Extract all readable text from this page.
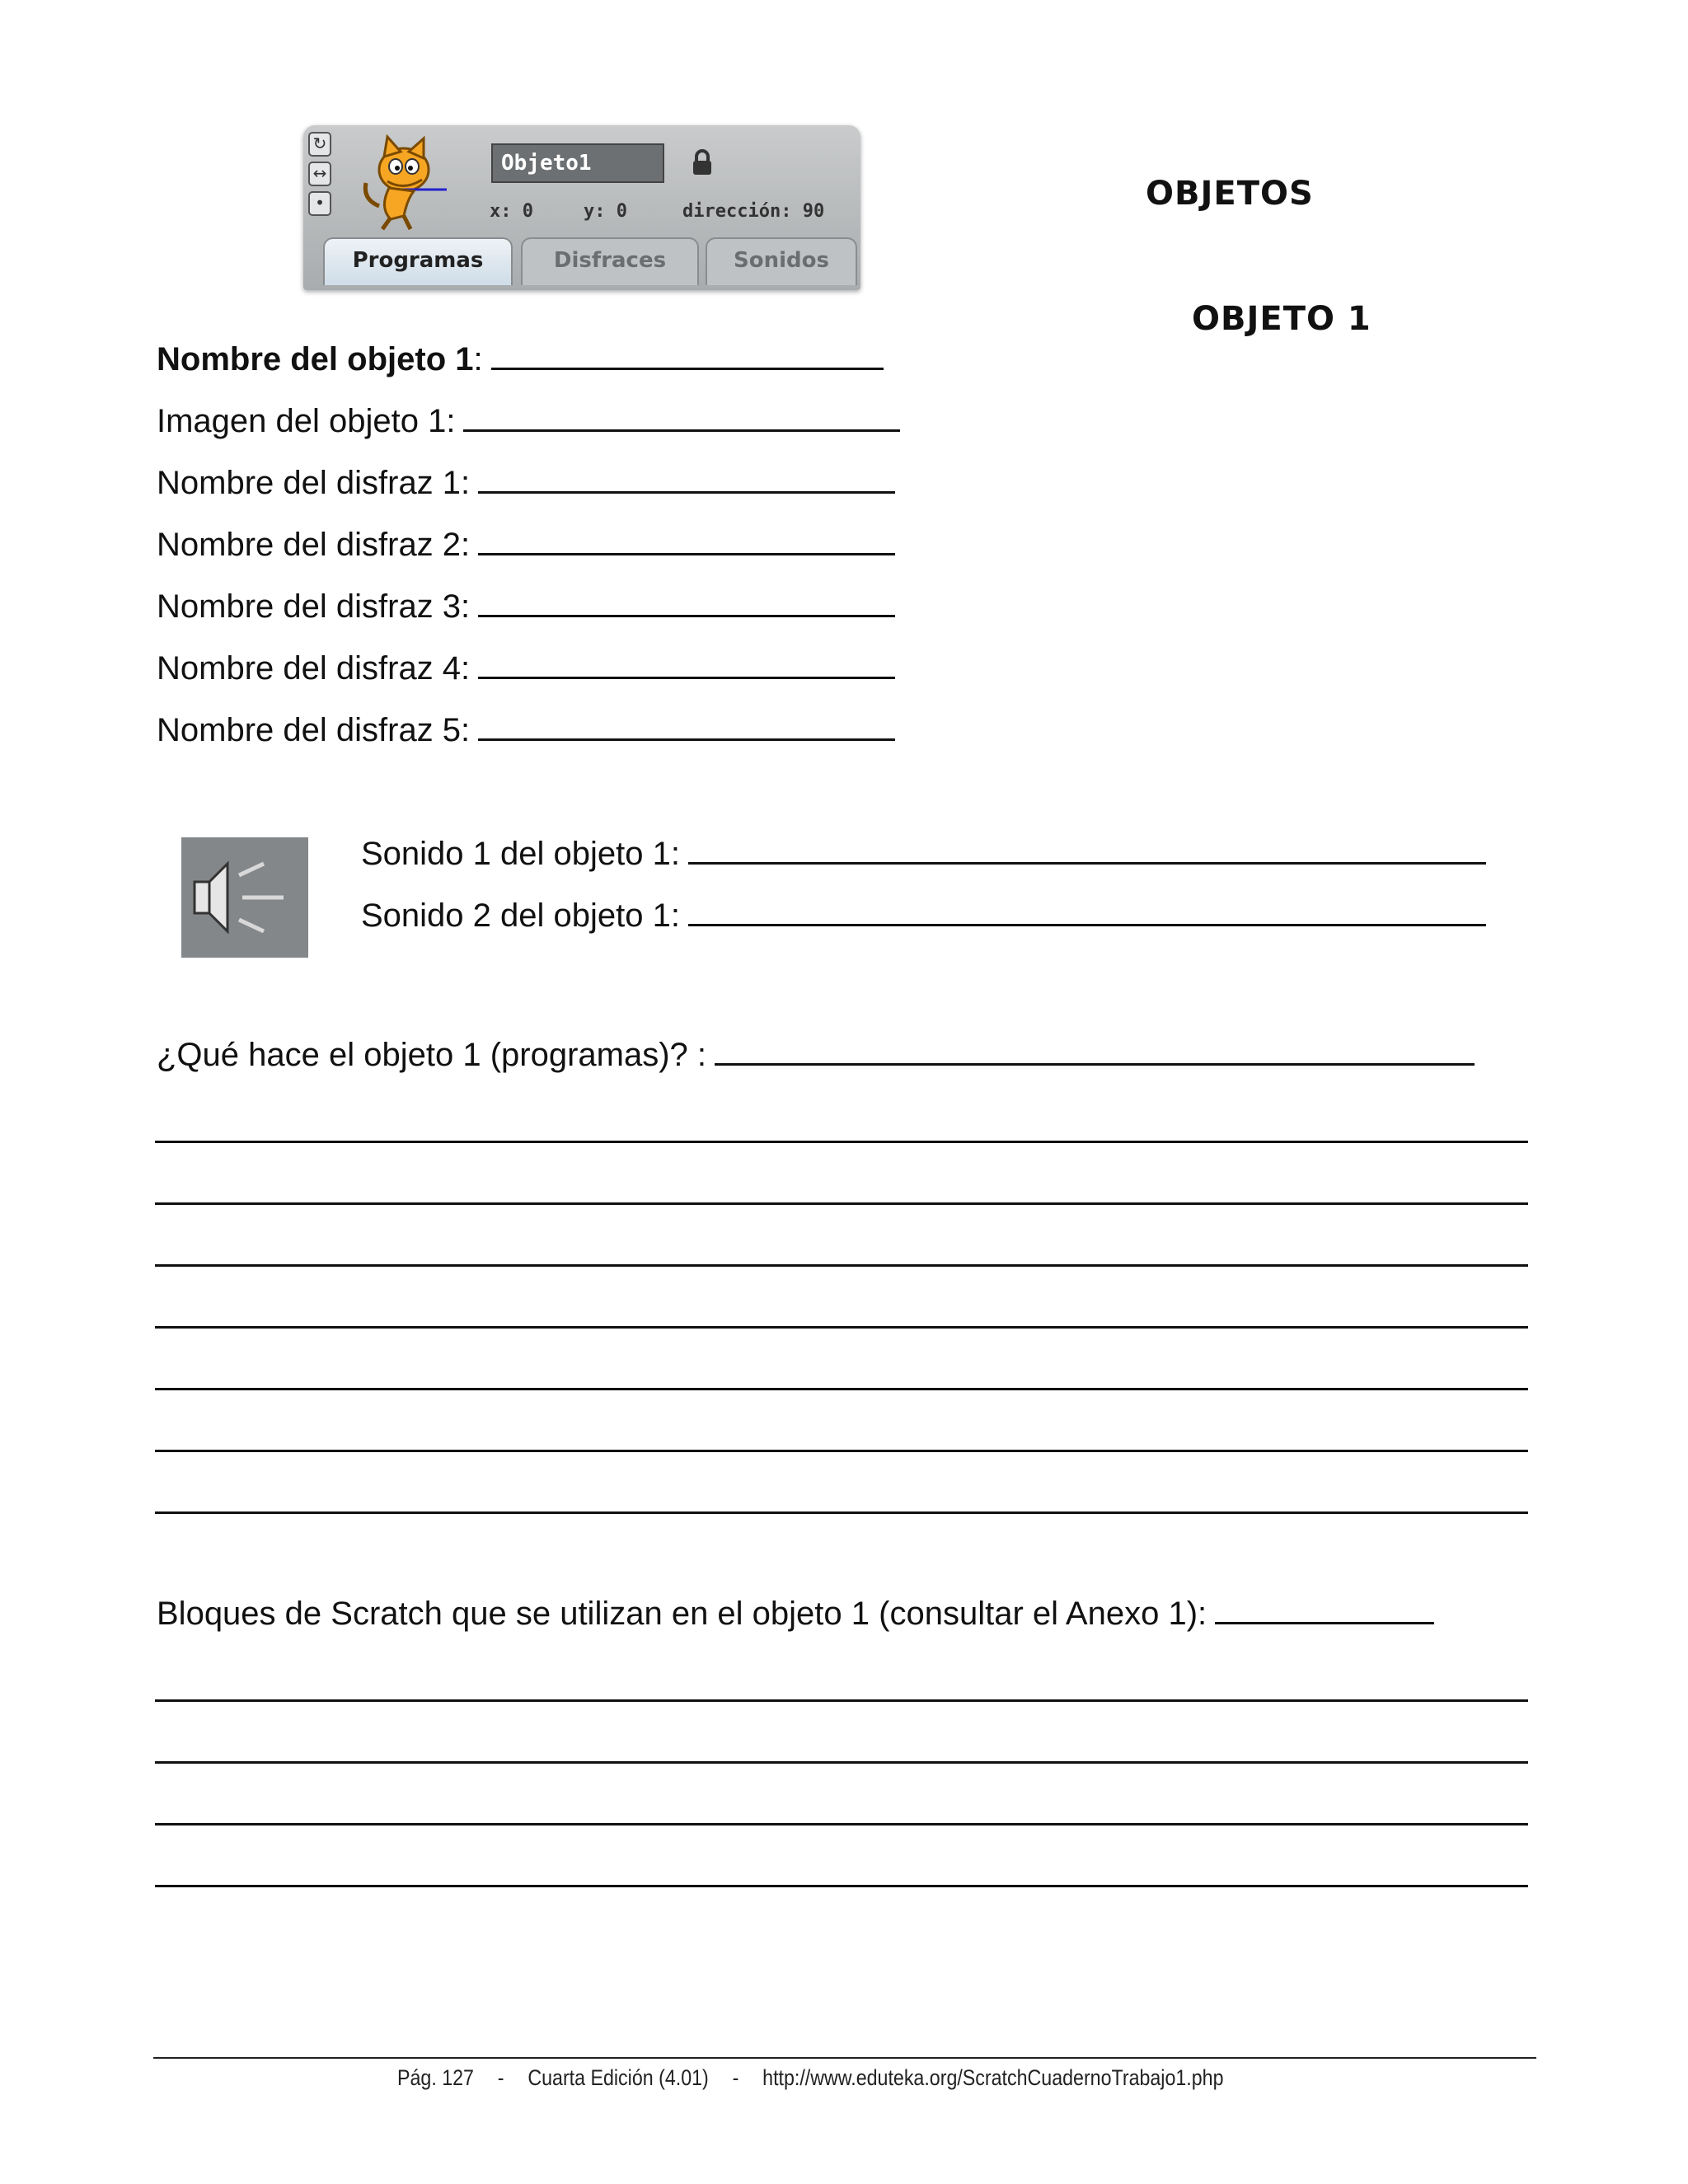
↻
↔
•
Objeto1
x: 0	y: 0	dirección: 90
Programas	Disfraces	Sonidos
OBJETOS
OBJETO 1
Nombre del objeto 1:
Imagen del objeto 1:
Nombre del disfraz 1:
Nombre del disfraz 2:
Nombre del disfraz 3:
Nombre del disfraz 4:
Nombre del disfraz 5:
Sonido 1 del objeto 1:
Sonido 2 del objeto 1:
¿Qué hace el objeto 1 (programas)? :
Bloques de Scratch que se utilizan en el objeto 1 (consultar el Anexo 1):
Pág. 127 - Cuarta Edición (4.01) - http://www.eduteka.org/ScratchCuadernoTrabajo1.php
